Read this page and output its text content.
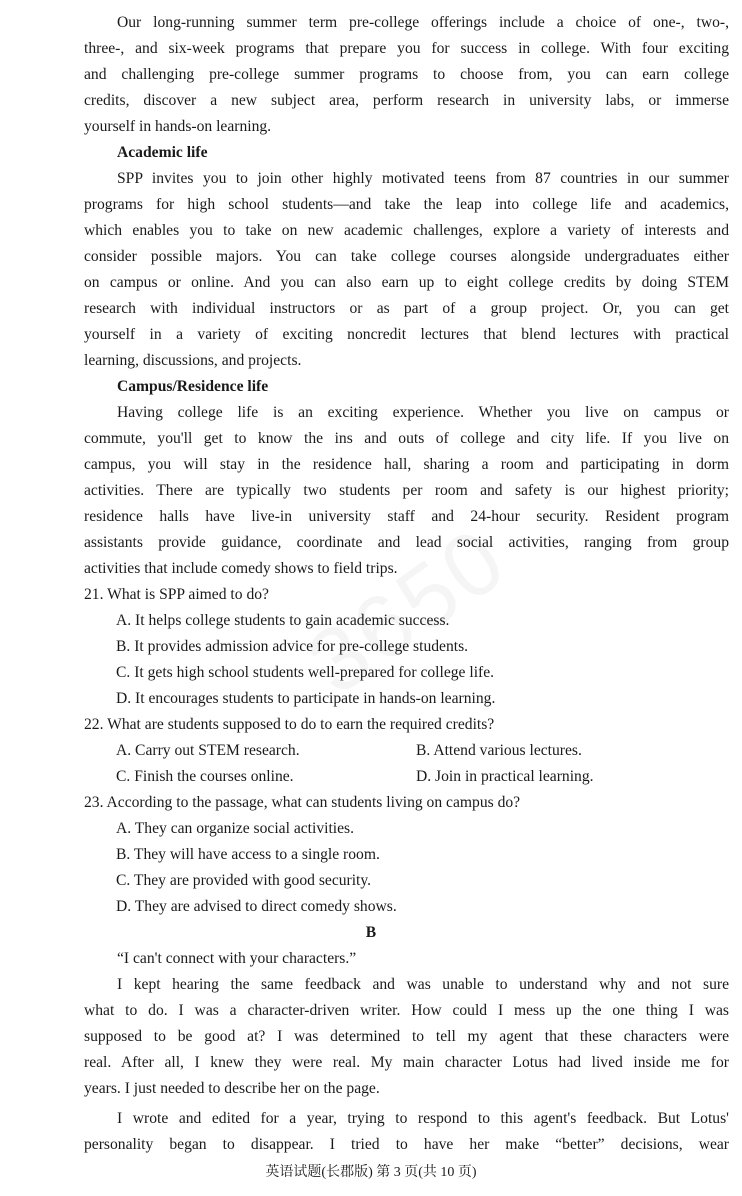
Our long-running summer term pre-college offerings include a choice of one-, two-,
three-, and six-week programs that prepare you for success in college. With four exciting
and challenging pre-college summer programs to choose from, you can earn college
credits, discover a new subject area, perform research in university labs, or immerse
yourself in hands-on learning.
Academic life
SPP invites you to join other highly motivated teens from 87 countries in our summer
programs for high school students—and take the leap into college life and academics,
which enables you to take on new academic challenges, explore a variety of interests and
consider possible majors. You can take college courses alongside undergraduates either
on campus or online. And you can also earn up to eight college credits by doing STEM
research with individual instructors or as part of a group project. Or, you can get
yourself in a variety of exciting noncredit lectures that blend lectures with practical
learning, discussions, and projects.
Campus/Residence life
Having college life is an exciting experience. Whether you live on campus or
commute, you'll get to know the ins and outs of college and city life. If you live on
campus, you will stay in the residence hall, sharing a room and participating in dorm
activities. There are typically two students per room and safety is our highest priority;
residence halls have live-in university staff and 24-hour security. Resident program
assistants provide guidance, coordinate and lead social activities, ranging from group
activities that include comedy shows to field trips.
21. What is SPP aimed to do?
A. It helps college students to gain academic success.
B. It provides admission advice for pre-college students.
C. It gets high school students well-prepared for college life.
D. It encourages students to participate in hands-on learning.
22. What are students supposed to do to earn the required credits?
A. Carry out STEM research.	B. Attend various lectures.
C. Finish the courses online.	D. Join in practical learning.
23. According to the passage, what can students living on campus do?
A. They can organize social activities.
B. They will have access to a single room.
C. They are provided with good security.
D. They are advised to direct comedy shows.
B
“I can't connect with your characters.”
I kept hearing the same feedback and was unable to understand why and not sure
what to do. I was a character-driven writer. How could I mess up the one thing I was
supposed to be good at? I was determined to tell my agent that these characters were
real. After all, I knew they were real. My main character Lotus had lived inside me for
years. I just needed to describe her on the page.
I wrote and edited for a year, trying to respond to this agent's feedback. But Lotus'
personality began to disappear. I tried to have her make “better” decisions, wear
英语试题(长郡版) 第 3 页(共 10 页)
